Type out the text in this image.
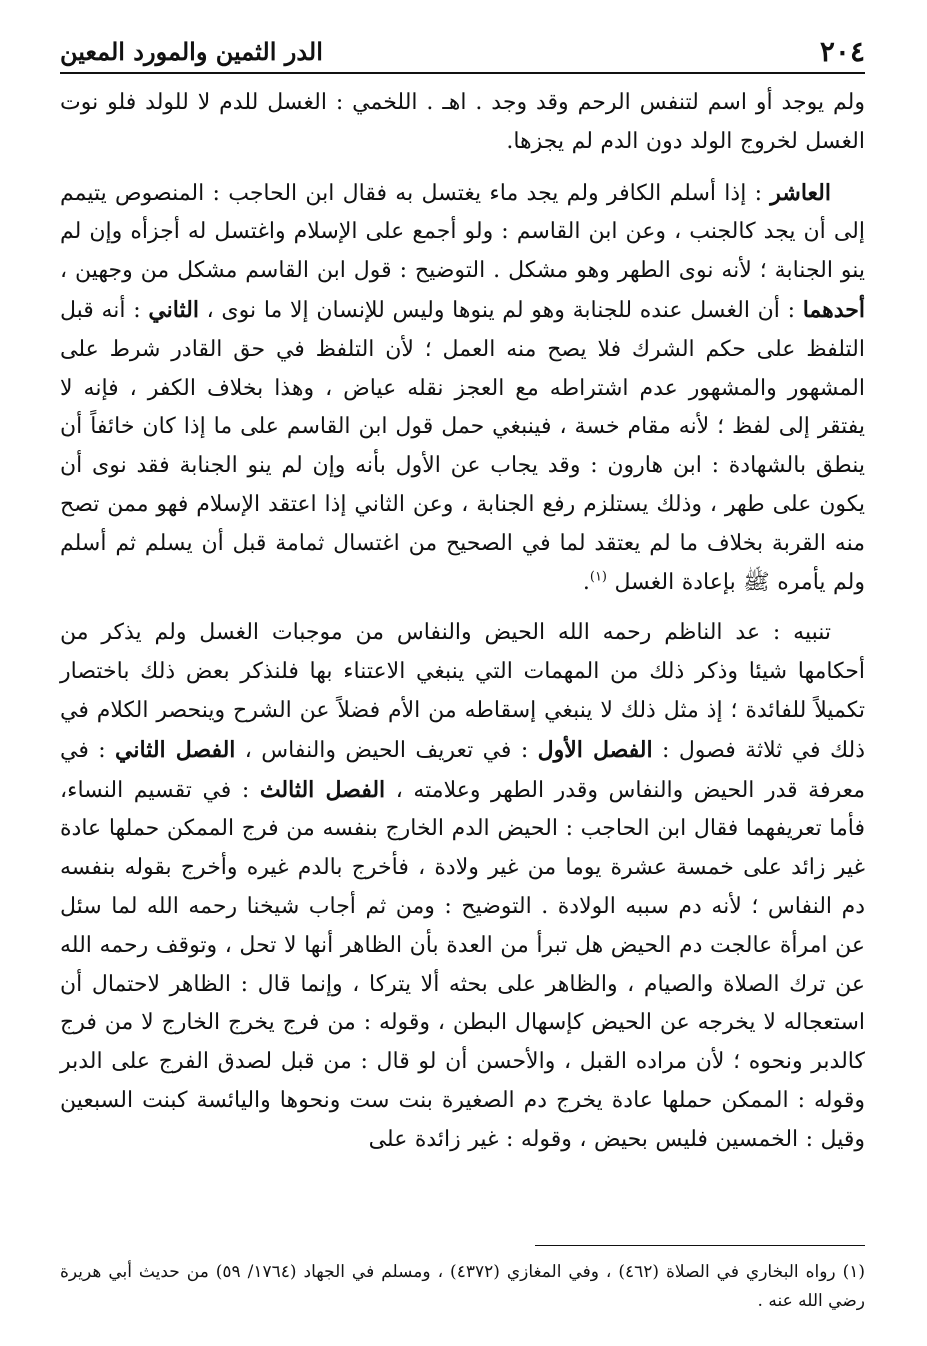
٢٠٤
الدر الثمين والمورد المعين

ولم يوجد أو اسم لتنفس الرحم وقد وجد . اهـ . اللخمي : الغسل للدم لا للولد فلو نوت الغسل لخروج الولد دون الدم لم يجزها.

العاشر : إذا أسلم الكافر ولم يجد ماء يغتسل به فقال ابن الحاجب : المنصوص يتيمم إلى أن يجد كالجنب ، وعن ابن القاسم : ولو أجمع على الإسلام واغتسل له أجزأه وإن لم ينو الجنابة ؛ لأنه نوى الطهر وهو مشكل . التوضيح : قول ابن القاسم مشكل من وجهين ، أحدهما : أن الغسل عنده للجنابة وهو لم ينوها وليس للإنسان إلا ما نوى ، الثاني : أنه قبل التلفظ على حكم الشرك فلا يصح منه العمل ؛ لأن التلفظ في حق القادر شرط على المشهور والمشهور عدم اشتراطه مع العجز نقله عياض ، وهذا بخلاف الكفر ، فإنه لا يفتقر إلى لفظ ؛ لأنه مقام خسة ، فينبغي حمل قول ابن القاسم على ما إذا كان خائفاً أن ينطق بالشهادة : ابن هارون : وقد يجاب عن الأول بأنه وإن لم ينو الجنابة فقد نوى أن يكون على طهر ، وذلك يستلزم رفع الجنابة ، وعن الثاني إذا اعتقد الإسلام فهو ممن تصح منه القربة بخلاف ما لم يعتقد لما في الصحيح من اغتسال ثمامة قبل أن يسلم ثم أسلم ولم يأمره ﷺ بإعادة الغسل $^{(١)}$.

تنبيه : عد الناظم رحمه الله الحيض والنفاس من موجبات الغسل ولم يذكر من أحكامها شيئا وذكر ذلك من المهمات التي ينبغي الاعتناء بها فلنذكر بعض ذلك باختصار تكميلاً للفائدة ؛ إذ مثل ذلك لا ينبغي إسقاطه من الأم فضلاً عن الشرح وينحصر الكلام في ذلك في ثلاثة فصول : الفصل الأول : في تعريف الحيض والنفاس ، الفصل الثاني : في معرفة قدر الحيض والنفاس وقدر الطهر وعلامته ، الفصل الثالث : في تقسيم النساء، فأما تعريفهما فقال ابن الحاجب : الحيض الدم الخارج بنفسه من فرج الممكن حملها عادة غير زائد على خمسة عشرة يوما من غير ولادة ، فأخرج بالدم غيره وأخرج بقوله بنفسه دم النفاس ؛ لأنه دم سببه الولادة . التوضيح : ومن ثم أجاب شيخنا رحمه الله لما سئل عن امرأة عالجت دم الحيض هل تبرأ من العدة بأن الظاهر أنها لا تحل ، وتوقف رحمه الله عن ترك الصلاة والصيام ، والظاهر على بحثه ألا يتركا ، وإنما قال : الظاهر لاحتمال أن استعجاله لا يخرجه عن الحيض كإسهال البطن ، وقوله : من فرج يخرج الخارج لا من فرج كالدبر ونحوه ؛ لأن مراده القبل ، والأحسن أن لو قال : من قبل لصدق الفرج على الدبر وقوله : الممكن حملها عادة يخرج دم الصغيرة بنت ست ونحوها واليائسة كبنت السبعين وقيل : الخمسين فليس بحيض ، وقوله : غير زائدة على

(١) رواه البخاري في الصلاة (٤٦٢) ، وفي المغازي (٤٣٧٢) ، ومسلم في الجهاد (١٧٦٤/ ٥٩) من حديث أبي هريرة رضي الله عنه .
